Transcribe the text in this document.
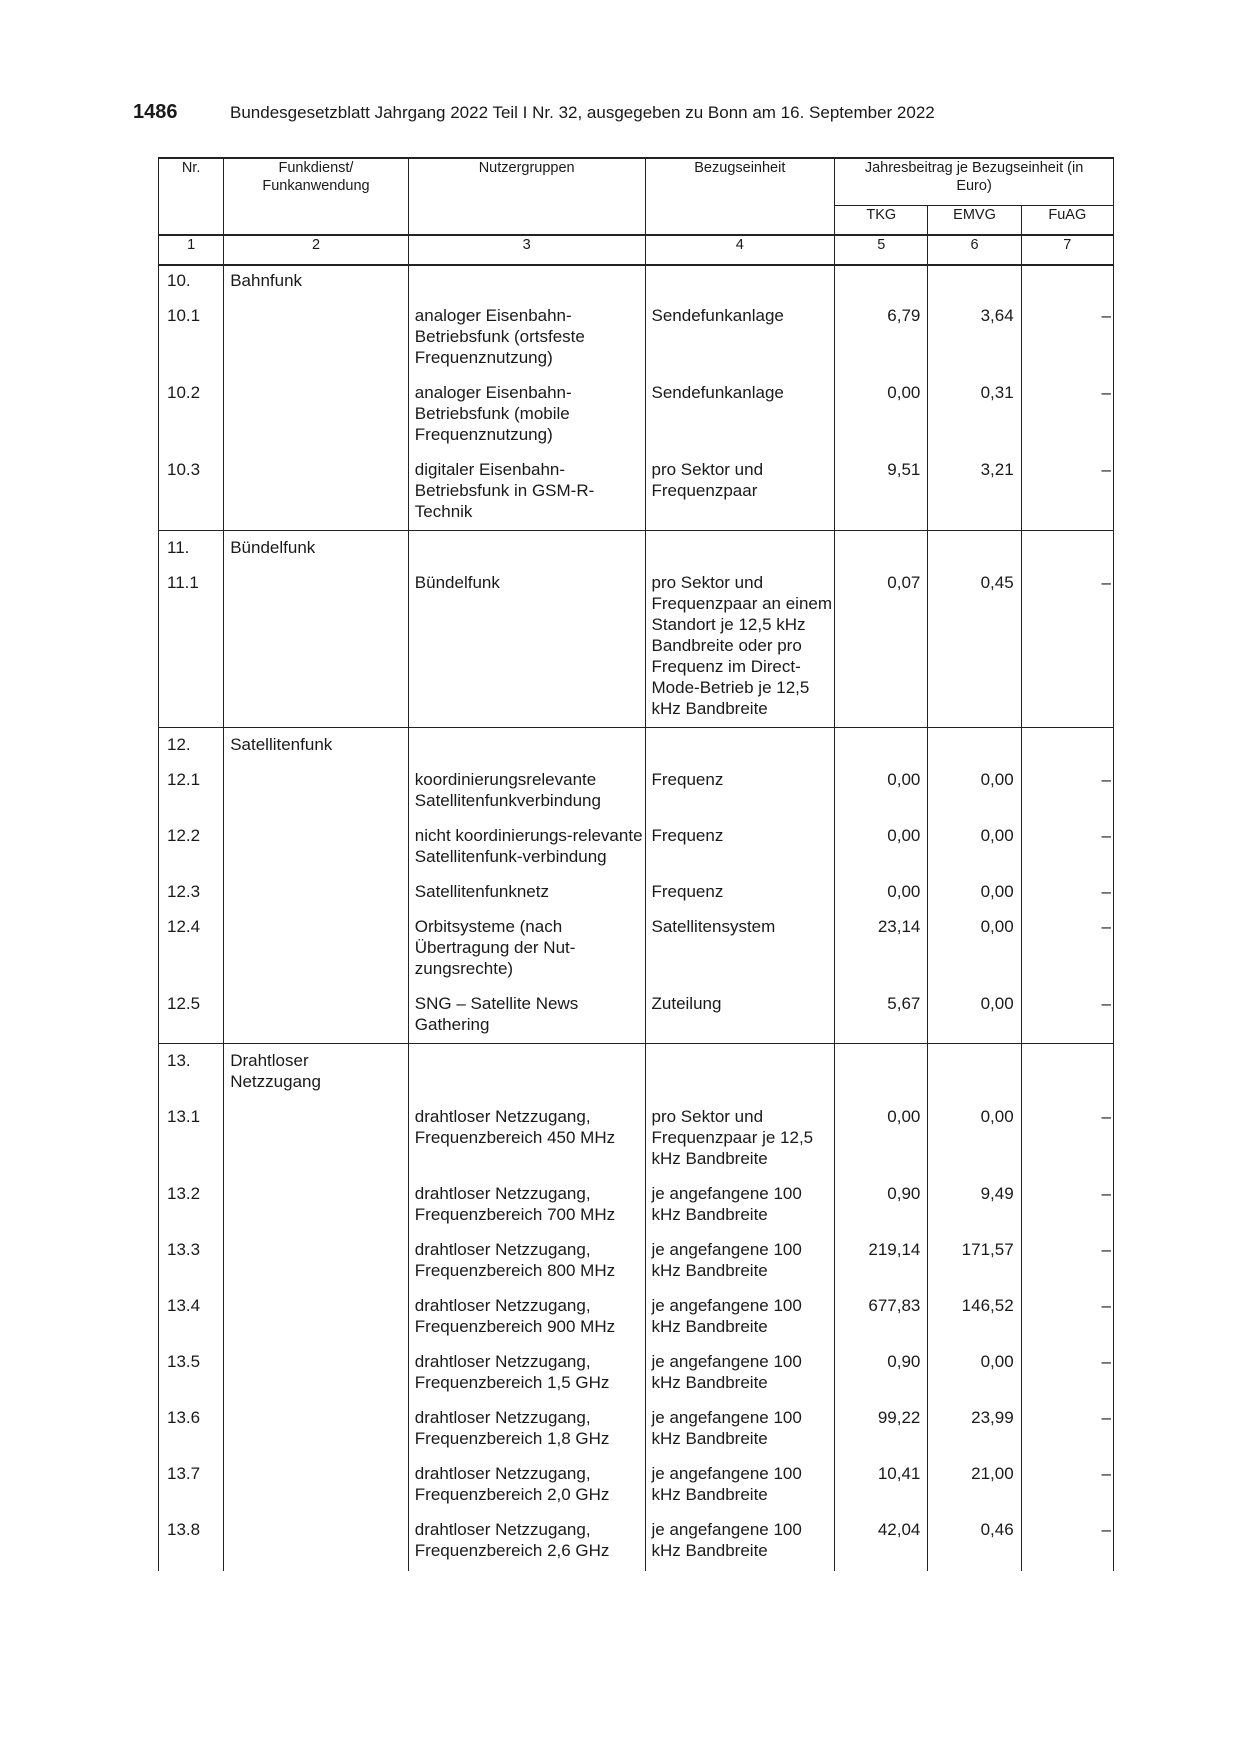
1486	Bundesgesetzblatt Jahrgang 2022 Teil I Nr. 32, ausgegeben zu Bonn am 16. September 2022
Nr.	Funkdienst/ Funkanwendung	Nutzergruppen	Bezugseinheit	Jahresbeitrag je Bezugseinheit (in Euro)		

				TKG	EMVG	FuAG
1	2	3	4	5	6	7
10.	Bahnfunk					
10.1		analoger Eisenbahn-Betriebsfunk (ortsfeste Frequenznutzung)	Sendefunkanlage	6,79	3,64	–
10.2		analoger Eisenbahn-Betriebsfunk (mobile Frequenznutzung)	Sendefunkanlage	0,00	0,31	–
10.3		digitaler Eisenbahn-Betriebsfunk in GSM-R-Technik	pro Sektor und Frequenzpaar	9,51	3,21	–
11.	Bündelfunk					
11.1		Bündelfunk	pro Sektor und Frequenzpaar an einem Standort je 12,5 kHz Bandbreite oder pro Frequenz im Direct-Mode-Betrieb je 12,5 kHz Bandbreite	0,07	0,45	–
12.	Satellitenfunk					
12.1		koordinierungsrelevante Satellitenfunkverbindung	Frequenz	0,00	0,00	–
12.2		nicht koordinierungs-relevante Satellitenfunk-verbindung	Frequenz	0,00	0,00	–
12.3		Satellitenfunknetz	Frequenz	0,00	0,00	–
12.4		Orbitsysteme (nach Übertragung der Nut-zungsrechte)	Satellitensystem	23,14	0,00	–
12.5		SNG – Satellite News Gathering	Zuteilung	5,67	0,00	–
13.	Drahtloser Netzzugang					

13.1		drahtloser Netzzugang, Frequenzbereich 450 MHz	pro Sektor und Frequenzpaar je 12,5 kHz Bandbreite	0,00	0,00	–
13.2		drahtloser Netzzugang, Frequenzbereich 700 MHz	je angefangene 100 kHz Bandbreite	0,90	9,49	–
13.3		drahtloser Netzzugang, Frequenzbereich 800 MHz	je angefangene 100 kHz Bandbreite	219,14	171,57	–
13.4		drahtloser Netzzugang, Frequenzbereich 900 MHz	je angefangene 100 kHz Bandbreite	677,83	146,52	–
13.5		drahtloser Netzzugang, Frequenzbereich 1,5 GHz	je angefangene 100 kHz Bandbreite	0,90	0,00	–
13.6		drahtloser Netzzugang, Frequenzbereich 1,8 GHz	je angefangene 100 kHz Bandbreite	99,22	23,99	–
13.7		drahtloser Netzzugang, Frequenzbereich 2,0 GHz	je angefangene 100 kHz Bandbreite	10,41	21,00	–
13.8		drahtloser Netzzugang, Frequenzbereich 2,6 GHz	je angefangene 100 kHz Bandbreite	42,04	0,46	–
